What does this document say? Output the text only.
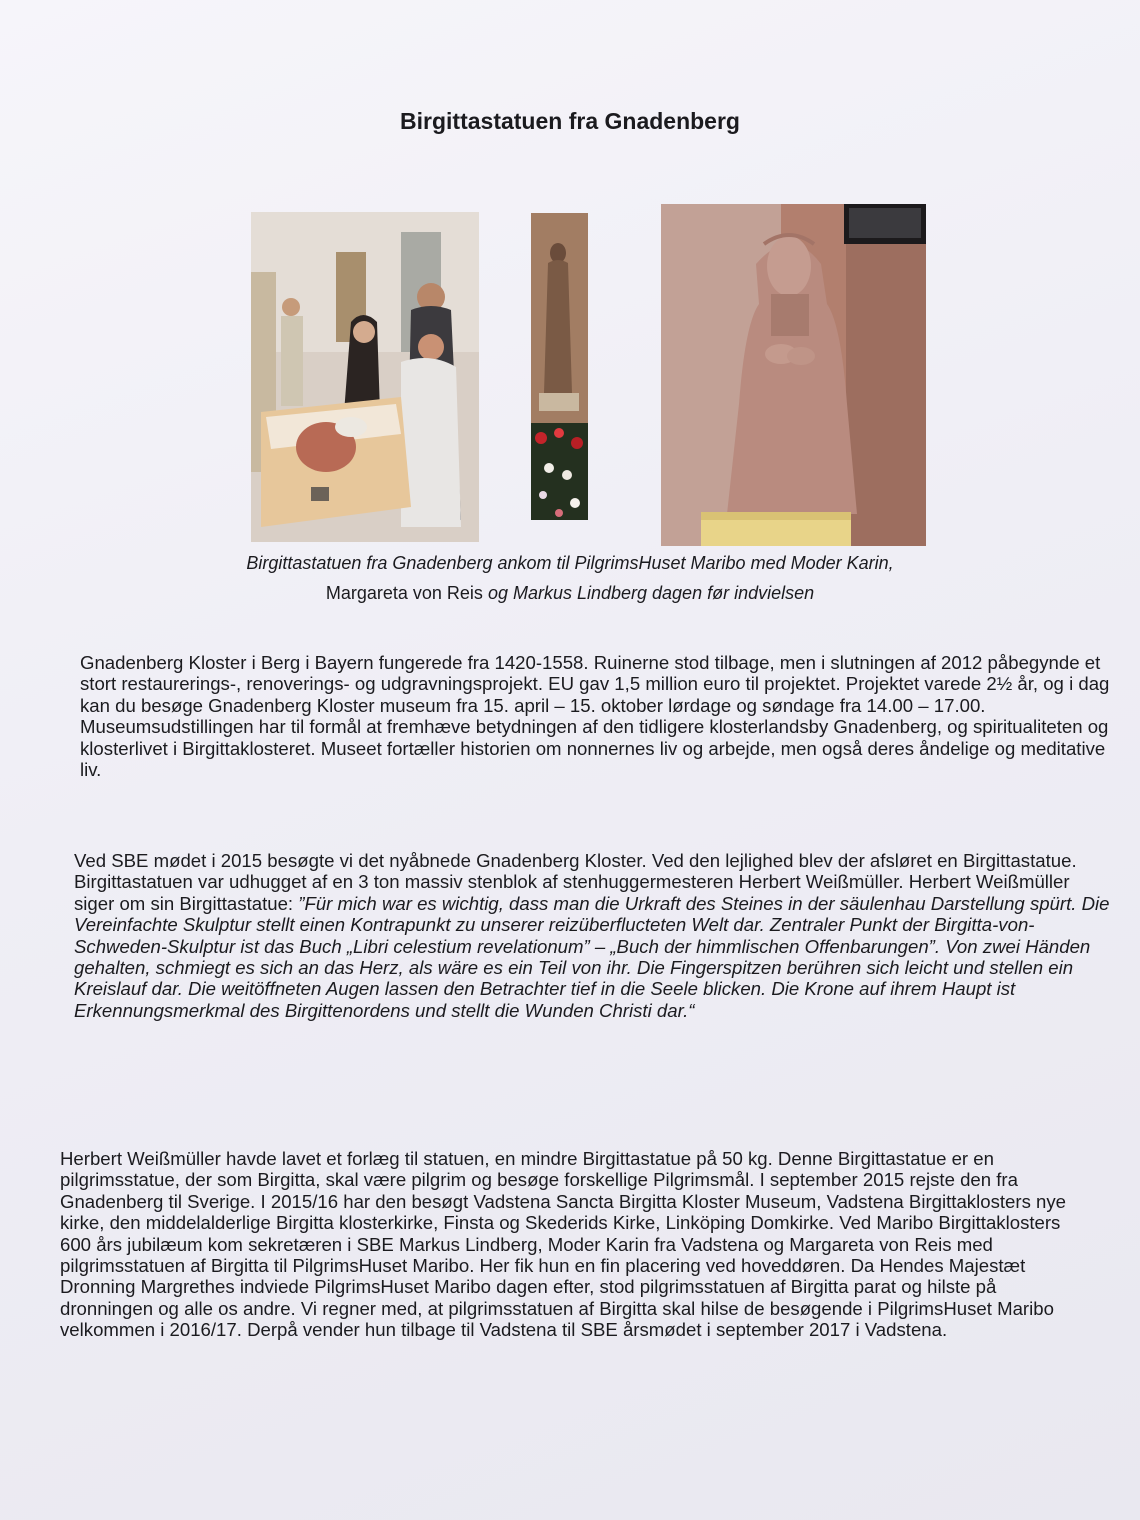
Birgittastatuen fra Gnadenberg
Birgittastatuen fra Gnadenberg ankom til PilgrimsHuset Maribo med Moder Karin,
Margareta von Reis og Markus Lindberg dagen før indvielsen

Gnadenberg Kloster i Berg i Bayern fungerede fra 1420-1558. Ruinerne stod tilbage, men i slutningen af 2012 påbegynde et stort restaurerings-, renoverings- og udgravningsprojekt. EU gav 1,5 million euro til projektet. Projektet varede 2½ år, og i dag kan du besøge Gnadenberg Kloster museum fra 15. april – 15. oktober lørdage og søndage fra 14.00 – 17.00. Museumsudstillingen har til formål at fremhæve betydningen af den tidligere klosterlandsby Gnadenberg, og spiritualiteten og klosterlivet i Birgittaklosteret. Museet fortæller historien om nonnernes liv og arbejde, men også deres åndelige og meditative liv.

Ved SBE mødet i 2015 besøgte vi det nyåbnede Gnadenberg Kloster. Ved den lejlighed blev der afsløret en Birgittastatue. Birgittastatuen var udhugget af en 3 ton massiv stenblok af stenhuggermesteren Herbert Weißmüller. Herbert Weißmüller siger om sin Birgittastatue: ”Für mich war es wichtig, dass man die Urkraft des Steines in der säulenhau Darstellung spürt. Die Vereinfachte Skulptur stellt einen Kontrapunkt zu unserer reizüberflucteten Welt dar. Zentraler Punkt der Birgitta-von- Schweden-Skulptur ist das Buch „Libri celestium revelationum” – „Buch der himmlischen Offenbarungen”. Von zwei Händen gehalten, schmiegt es sich an das Herz, als wäre es ein Teil von ihr. Die Fingerspitzen berühren sich leicht und stellen ein Kreislauf dar. Die weitöffneten Augen lassen den Betrachter tief in die Seele blicken. Die Krone auf ihrem Haupt ist Erkennungsmerkmal des Birgittenordens und stellt die Wunden Christi dar.“

Herbert Weißmüller havde lavet et forlæg til statuen, en mindre Birgittastatue på 50 kg. Denne Birgittastatue er en pilgrimsstatue, der som Birgitta, skal være pilgrim og besøge forskellige Pilgrimsmål. I september 2015 rejste den fra Gnadenberg til Sverige. I 2015/16 har den besøgt Vadstena Sancta Birgitta Kloster Museum, Vadstena Birgittaklosters nye kirke, den middelalderlige Birgitta klosterkirke, Finsta og Skederids Kirke, Linköping Domkirke. Ved Maribo Birgittaklosters 600 års jubilæum kom sekretæren i SBE Markus Lindberg, Moder Karin fra Vadstena og Margareta von Reis med pilgrimsstatuen af Birgitta til PilgrimsHuset Maribo. Her fik hun en fin placering ved hoveddøren. Da Hendes Majestæt Dronning Margrethes indviede PilgrimsHuset Maribo dagen efter, stod pilgrimsstatuen af Birgitta parat og hilste på dronningen og alle os andre. Vi regner med, at pilgrimsstatuen af Birgitta skal hilse de besøgende i PilgrimsHuset Maribo velkommen i 2016/17. Derpå vender hun tilbage til Vadstena til SBE årsmødet i september 2017 i Vadstena.
